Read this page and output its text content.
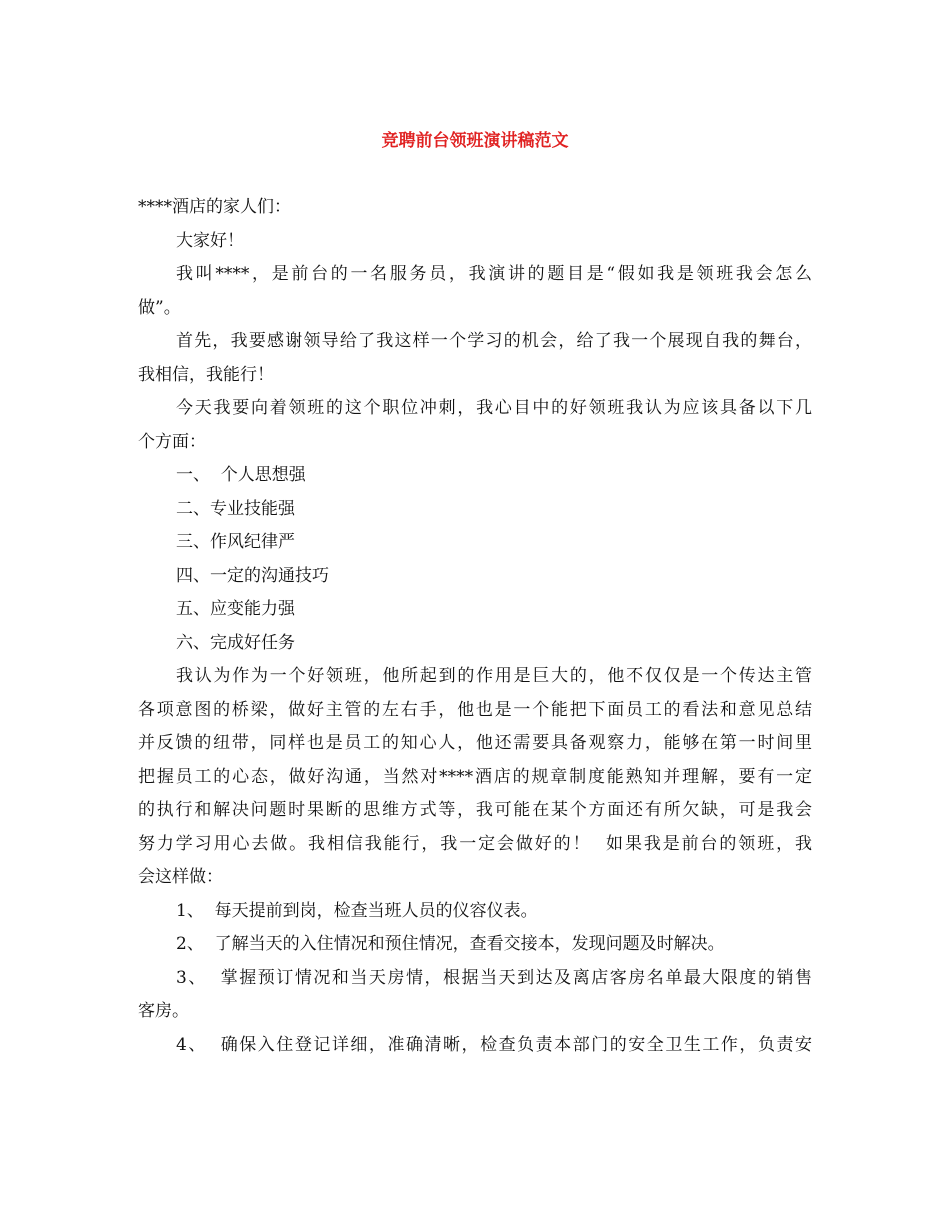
竞聘前台领班演讲稿范文

****酒店的家人们：

大家好！

我叫****，是前台的一名服务员，我演讲的题目是“假如我是领班我会怎么

做”。

首先，我要感谢领导给了我这样一个学习的机会，给了我一个展现自我的舞台，

我相信，我能行！

今天我要向着领班的这个职位冲刺，我心目中的好领班我认为应该具备以下几

个方面：

一、  个人思想强

二、专业技能强

三、作风纪律严

四、一定的沟通技巧

五、应变能力强

六、完成好任务

我认为作为一个好领班，他所起到的作用是巨大的，他不仅仅是一个传达主管

各项意图的桥梁，做好主管的左右手，他也是一个能把下面员工的看法和意见总结

并反馈的纽带，同样也是员工的知心人，他还需要具备观察力，能够在第一时间里

把握员工的心态，做好沟通，当然对****酒店的规章制度能熟知并理解，要有一定

的执行和解决问题时果断的思维方式等，我可能在某个方面还有所欠缺，可是我会

努力学习用心去做。我相信我能行，我一定会做好的！  如果我是前台的领班，我

会这样做：

1、  每天提前到岗，检查当班人员的仪容仪表。

2、  了解当天的入住情况和预住情况，查看交接本，发现问题及时解决。

3、  掌握预订情况和当天房情，根据当天到达及离店客房名单最大限度的销售

客房。

4、  确保入住登记详细，准确清晰，检查负责本部门的安全卫生工作，负责安
